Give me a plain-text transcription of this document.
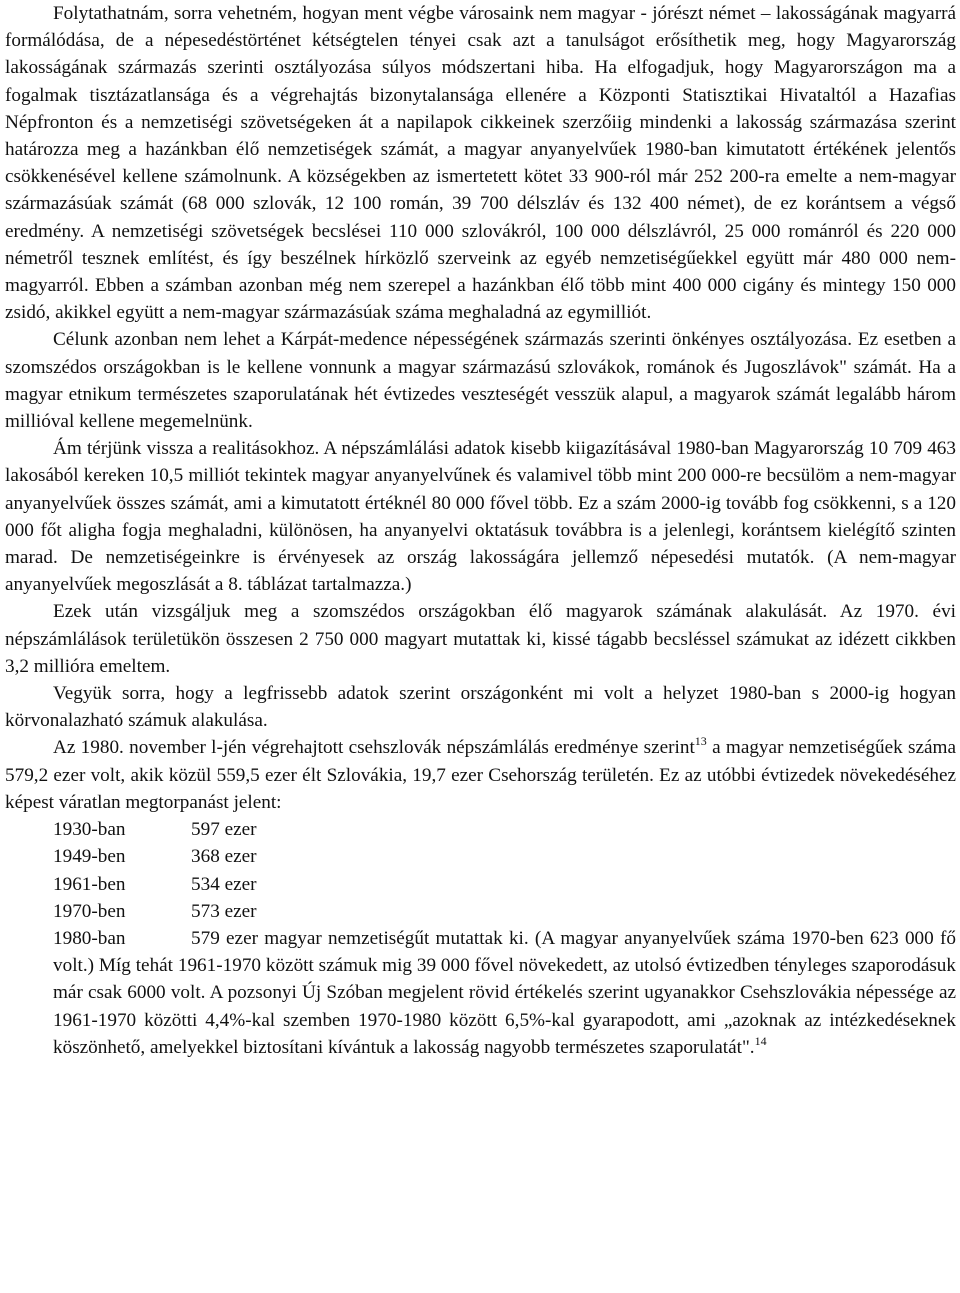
Folytathatnám, sorra vehetném, hogyan ment végbe városaink nem magyar - jórészt német – lakosságának magyarrá formálódása, de a népesedéstörténet kétségtelen tényei csak azt a tanulságot erősíthetik meg, hogy Magyarország lakosságának származás szerinti osztályozása súlyos módszertani hiba. Ha elfogadjuk, hogy Magyarországon ma a fogalmak tisztázatlansága és a végrehajtás bizonytalansága ellenére a Központi Statisztikai Hivataltól a Hazafias Népfronton és a nemzetiségi szövetségeken át a napilapok cikkeinek szerzőiig mindenki a lakosság származása szerint határozza meg a hazánkban élő nemzetiségek számát, a magyar anyanyelvűek 1980-ban kimutatott értékének jelentős csökkenésével kellene számolnunk. A községekben az ismertetett kötet 33 900-ról már 252 200-ra emelte a nem-magyar származásúak számát (68 000 szlovák, 12 100 román, 39 700 délszláv és 132 400 német), de ez korántsem a végső eredmény. A nemzetiségi szövetségek becslései 110 000 szlovákról, 100 000 délszlávról, 25 000 románról és 220 000 németről tesznek említést, és így beszélnek hírközlő szerveink az egyéb nemzetiségűekkel együtt már 480 000 nem-magyarról. Ebben a számban azonban még nem szerepel a hazánkban élő több mint 400 000 cigány és mintegy 150 000 zsidó, akikkel együtt a nem-magyar származásúak száma meghaladná az egymilliót.

Célunk azonban nem lehet a Kárpát-medence népességének származás szerinti önkényes osztályozása. Ez esetben a szomszédos országokban is le kellene vonnunk a magyar származású szlovákok, románok és Jugoszlávok" számát. Ha a magyar etnikum természetes szaporulatának hét évtizedes veszteségét vesszük alapul, a magyarok számát legalább három millióval kellene megemelnünk.

Ám térjünk vissza a realitásokhoz. A népszámlálási adatok kisebb kiigazításával 1980-ban Magyarország 10 709 463 lakosából kereken 10,5 milliót tekintek magyar anyanyelvűnek és valamivel több mint 200 000-re becsülöm a nem-magyar anyanyelvűek összes számát, ami a kimutatott értéknél 80 000 fővel több. Ez a szám 2000-ig tovább fog csökkenni, s a 120 000 főt aligha fogja meghaladni, különösen, ha anyanyelvi oktatásuk továbbra is a jelenlegi, korántsem kielégítő szinten marad. De nemzetiségeinkre is érvényesek az ország lakosságára jellemző népesedési mutatók. (A nem-magyar anyanyelvűek megoszlását a 8. táblázat tartalmazza.)

Ezek után vizsgáljuk meg a szomszédos országokban élő magyarok számának alakulását. Az 1970. évi népszámlálások területükön összesen 2 750 000 magyart mutattak ki, kissé tágabb becsléssel számukat az idézett cikkben 3,2 millióra emeltem.

Vegyük sorra, hogy a legfrissebb adatok szerint országonként mi volt a helyzet 1980-ban s 2000-ig hogyan körvonalazható számuk alakulása.

Az 1980. november l-jén végrehajtott csehszlovák népszámlálás eredménye szerint$^{13}$ a magyar nemzetiségűek száma 579,2 ezer volt, akik közül 559,5 ezer élt Szlovákia, 19,7 ezer Csehország területén. Ez az utóbbi évtizedek növekedéséhez képest váratlan megtorpanást jelent:

1930-ban	597 ezer
1949-ben	368 ezer
1961-ben	534 ezer
1970-ben	573 ezer

1980-ban	579 ezer magyar nemzetiségűt mutattak ki. (A magyar anyanyelvűek száma 1970-ben 623 000 fő volt.) Míg tehát 1961-1970 között számuk mig 39 000 fővel növekedett, az utolsó évtizedben tényleges szaporodásuk már csak 6000 volt. A pozsonyi Új Szóban megjelent rövid értékelés szerint ugyanakkor Csehszlovákia népessége az 1961-1970 közötti 4,4%-kal szemben 1970-1980 között 6,5%-kal gyarapodott, ami „azoknak az intézkedéseknek köszönhető, amelyekkel biztosítani kívántuk a lakosság nagyobb természetes szaporulatát".$^{14}$
